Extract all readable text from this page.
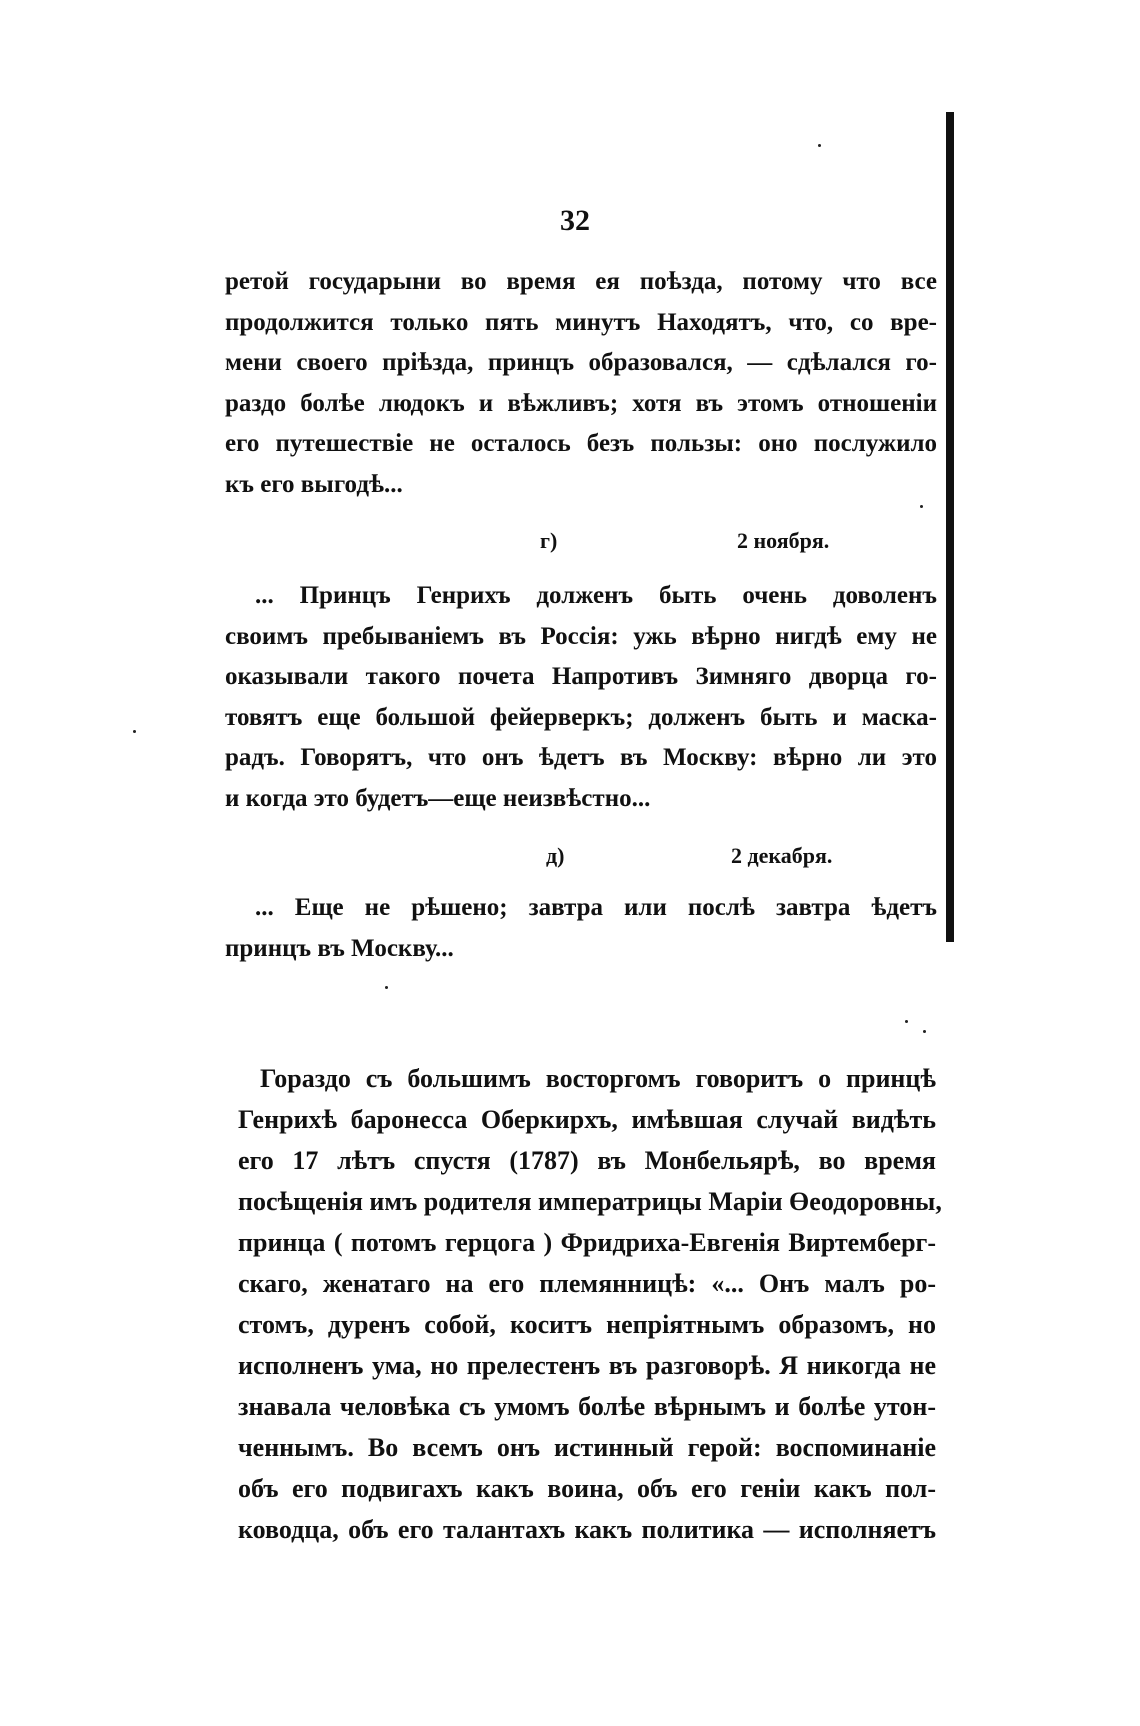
32
ретой государыни во время ея поѣзда, потому что все
продолжится только пять минутъ Находятъ, что, со вре-
мени своего пріѣзда, принцъ образовался, — сдѣлался го-
раздо болѣе людокъ и вѣжливъ; хотя въ этомъ отношеніи
его путешествіе не осталось безъ пользы: оно послужило
къ его выгодѣ...
г)	2 ноября.
... Принцъ Генрихъ долженъ быть очень доволенъ
своимъ пребываніемъ въ Россія: ужь вѣрно нигдѣ ему не
оказывали такого почета Напротивъ Зимняго дворца го-
товятъ еще большой фейерверкъ; долженъ быть и маска-
радъ. Говорятъ, что онъ ѣдетъ въ Москву: вѣрно ли это
и когда это будетъ—еще неизвѣстно...
д)	2 декабря.
... Еще не рѣшено; завтра или послѣ завтра ѣдетъ
принцъ въ Москву...
Гораздо съ большимъ восторгомъ говоритъ о принцѣ
Генрихѣ баронесса Оберкирхъ, имѣвшая случай видѣть
его 17 лѣтъ спустя (1787) въ Монбельярѣ, во время
посѣщенія имъ родителя императрицы Маріи Өеодоровны,
принца ( потомъ герцога ) Фридриха-Евгенія Виртемберг-
скаго, женатаго на его племянницѣ: «... Онъ малъ ро-
стомъ, дуренъ собой, коситъ непріятнымъ образомъ, но
исполненъ ума, но прелестенъ въ разговорѣ. Я никогда не
знавала человѣка съ умомъ болѣе вѣрнымъ и болѣе утон-
ченнымъ. Во всемъ онъ истинный герой: воспоминаніе
объ его подвигахъ какъ воина, объ его геніи какъ пол-
ководца, объ его талантахъ какъ политика — исполняетъ
